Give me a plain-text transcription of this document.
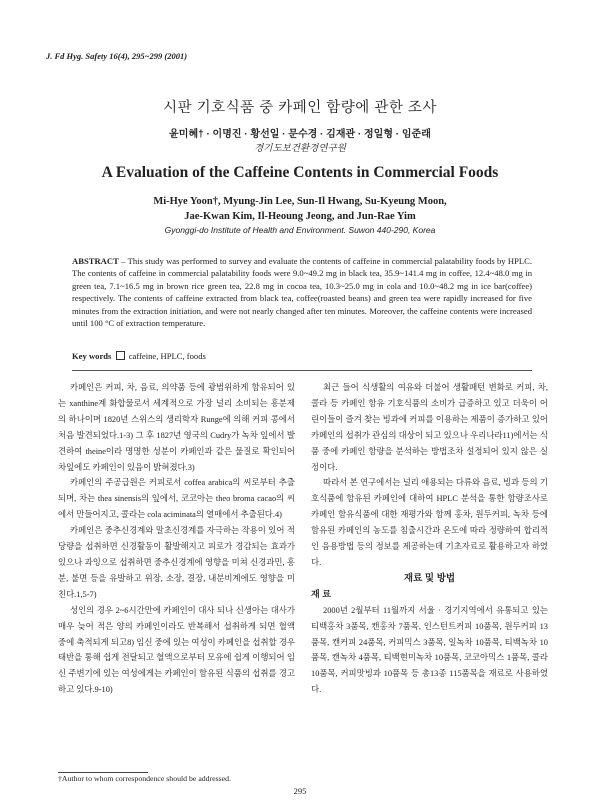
J. Fd Hyg. Safety 16(4), 295~299 (2001)
시판 기호식품 중 카페인 함량에 관한 조사
윤미혜† · 이명진 · 황선일 · 문수경 · 김재관 · 정일형 · 임준래
경기도보건환경연구원
A Evaluation of the Caffeine Contents in Commercial Foods
Mi-Hye Yoon†, Myung-Jin Lee, Sun-Il Hwang, Su-Kyeung Moon,
Jae-Kwan Kim, Il-Heoung Jeong, and Jun-Rae Yim
Gyonggi-do Institute of Health and Environment. Suwon 440-290, Korea
ABSTRACT – This study was performed to survey and evaluate the contents of caffeine in commercial palatability foods by HPLC. The contents of caffeine in commercial palatability foods were 9.0~49.2 mg in black tea, 35.9~141.4 mg in coffee, 12.4~48.0 mg in green tea, 7.1~16.5 mg in brown rice green tea, 22.8 mg in cocoa tea, 10.3~25.0 mg in cola and 10.0~48.2 mg in ice bar(coffee) respectively. The contents of caffeine extracted from black tea, coffee(roasted beans) and green tea were rapidly increased for five minutes from the extraction initiation, and were not nearly changed after ten minutes. Moreover, the caffeine contents were increased until 100 °C of extraction temperature.
Key words caffeine, HPLC, foods

카페인은 커피, 차, 음료, 의약품 등에 광범위하게 함유되어 있는 xanthine계 화합물로서 세계적으로 가장 널리 소비되는 흥분제의 하나이며 1820년 스위스의 생리학자 Runge에 의해 커피 콩에서 처음 발견되었다.1-3) 그 후 1827년 영국의 Cudry가 녹차 잎에서 발견하여 theine이라 명명한 성분이 카페인과 같은 물질로 확인되어 차잎에도 카페인이 있음이 밝혀졌다.3)

카페인의 주공급원은 커피로서 coffea arabica의 씨로부터 추출되며, 차는 thea sinensis의 잎에서, 코코아는 theo broma cacao의 씨에서 만들어지고, 콜라는 cola aciminata의 열매에서 추출된다.4)

카페인은 중추신경계와 말초신경계를 자극하는 작용이 있어 적당량을 섭취하면 신경활동이 활발해지고 피로가 경감되는 효과가 있으나 과잉으로 섭취하면 중추신경계에 영향을 미쳐 신경과민, 흥분, 불면 등을 유발하고 위장, 소장, 결장, 내분비계에도 영향을 미친다.1,5-7)

성인의 경우 2~6시간만에 카페인이 대사 되나 신생아는 대사가 매우 늦어 적은 양의 카페인이라도 반복해서 섭취하게 되면 혈액 중에 축적되게 되고8) 임신 중에 있는 여성이 카페인을 섭취할 경우 태반을 통해 쉽게 전달되고 혈액으로부터 모유에 쉽게 이행되어 임신 주변기에 있는 여성에게는 카페인이 함유된 식품의 섭취를 경고하고 있다.9-10)

최근 들어 식생활의 여유와 더불어 생활패턴 변화로 커피, 차, 콜라 등 카페인 함유 기호식품의 소비가 급증하고 있고 더욱이 어린이들이 즐겨 찾는 빙과에 커피를 이용하는 제품이 증가하고 있어 카페인의 섭취가 관심의 대상이 되고 있으나 우리나라11)에서는 식품 중에 카페인 함량을 분석하는 방법조차 설정되어 있지 않은 실정이다.

따라서 본 연구에서는 널리 애용되는 다류와 음료, 빙과 등의 기호식품에 함유된 카페인에 대하여 HPLC 분석을 통한 함량조사로 카페인 함유식품에 대한 재평가와 함께 홍차, 원두커피, 녹차 등에 함유된 카페인의 농도를 침출시간과 온도에 따라 정량하여 합리적인 음용방법 등의 정보를 제공하는데 기초자료로 활용하고자 하였다.

재료 및 방법

재 료

2000년 2월부터 11월까지 서울 · 경기지역에서 유통되고 있는 티백홍차 3품목, 캔홍차 7품목, 인스턴트커피 10품목, 원두커피 13품목, 캔커피 24품목, 커피믹스 3품목, 일녹차 10품목, 티백녹차 10품목, 캔녹차 4품목, 티백현미녹차 10품목, 코코아믹스 1품목, 콜라 10품목, 커피맛빙과 10품목 등 총13종 115품목을 재료로 사용하였다.

†Author to whom correspondence should be addressed.
295
